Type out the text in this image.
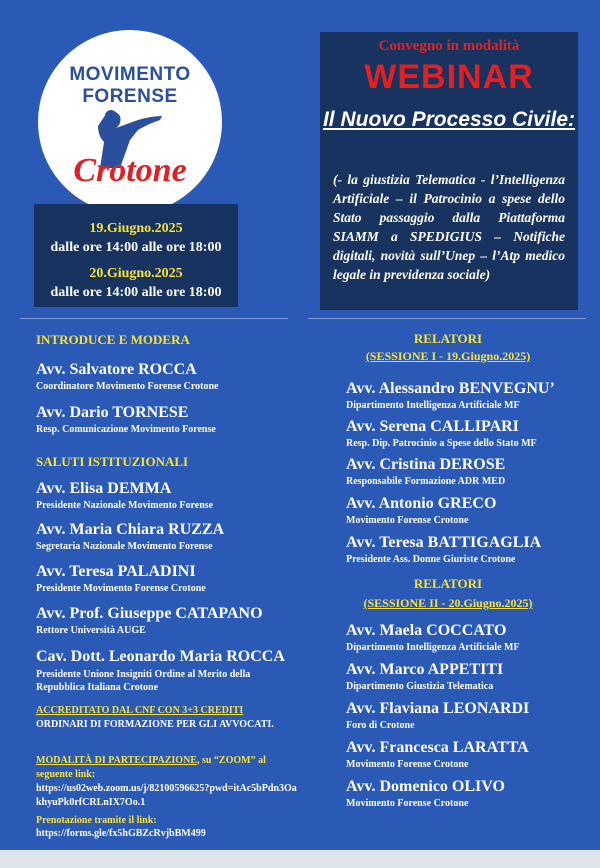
MOVIMENTO
FORENSE
Crotone
19.Giugno.2025
dalle ore 14:00 alle ore 18:00
20.Giugno.2025
dalle ore 14:00 alle ore 18:00
Convegno in modalità
WEBINAR
Il Nuovo Processo Civile:
(- la giustizia Telematica - l’Intelligenza Artificiale – il Patrocinio a spese dello Stato passaggio dalla Piattaforma SIAMM a SPEDIGIUS – Notifiche digitali, novità sull’Unep – l’Atp medico legale in previdenza sociale)
INTRODUCE E MODERA
Avv. Salvatore ROCCA
Coordinatore Movimento Forense Crotone
Avv. Dario TORNESE
Resp. Comunicazione Movimento Forense
SALUTI ISTITUZIONALI
Avv. Elisa DEMMA
Presidente Nazionale Movimento Forense
Avv. Maria Chiara RUZZA
Segretaria Nazionale Movimento Forense
Avv. Teresa PALADINI
Presidente Movimento Forense Crotone
Avv. Prof. Giuseppe CATAPANO
Rettore Università AUGE
Cav. Dott. Leonardo Maria ROCCA
Presidente Unione Insigniti Ordine al Merito della Repubblica Italiana Crotone
ACCREDITATO DAL CNF CON 3+3 CREDITI ORDINARI DI FORMAZIONE PER GLI AVVOCATI.
MODALITÀ DI PARTECIPAZIONE, su “ZOOM” al seguente link:
https://us02web.zoom.us/j/82100596625?pwd=itAc5bPdn3OakhyuPk0rfCRLnIX7Oo.1
Prenotazione tramite il link:
https://forms.gle/fx5hGBZcRvjbBM499
RELATORI
(SESSIONE I - 19.Giugno.2025)
Avv. Alessandro BENVEGNU’
Dipartimento Intelligenza Artificiale MF
Avv. Serena CALLIPARI
Resp. Dip. Patrocinio a Spese dello Stato MF
Avv. Cristina DEROSE
Responsabile Formazione ADR MED
Avv. Antonio GRECO
Movimento Forense Crotone
Avv. Teresa BATTIGAGLIA
Presidente Ass. Donne Giuriste Crotone
RELATORI
(SESSIONE II - 20.Giugno.2025)
Avv. Maela COCCATO
Dipartimento Intelligenza Artificiale MF
Avv. Marco APPETITI
Dipartimento Giustizia Telematica
Avv. Flaviana LEONARDI
Foro di Crotone
Avv. Francesca LARATTA
Movimento Forense Crotone
Avv. Domenico OLIVO
Movimento Forense Crotone
